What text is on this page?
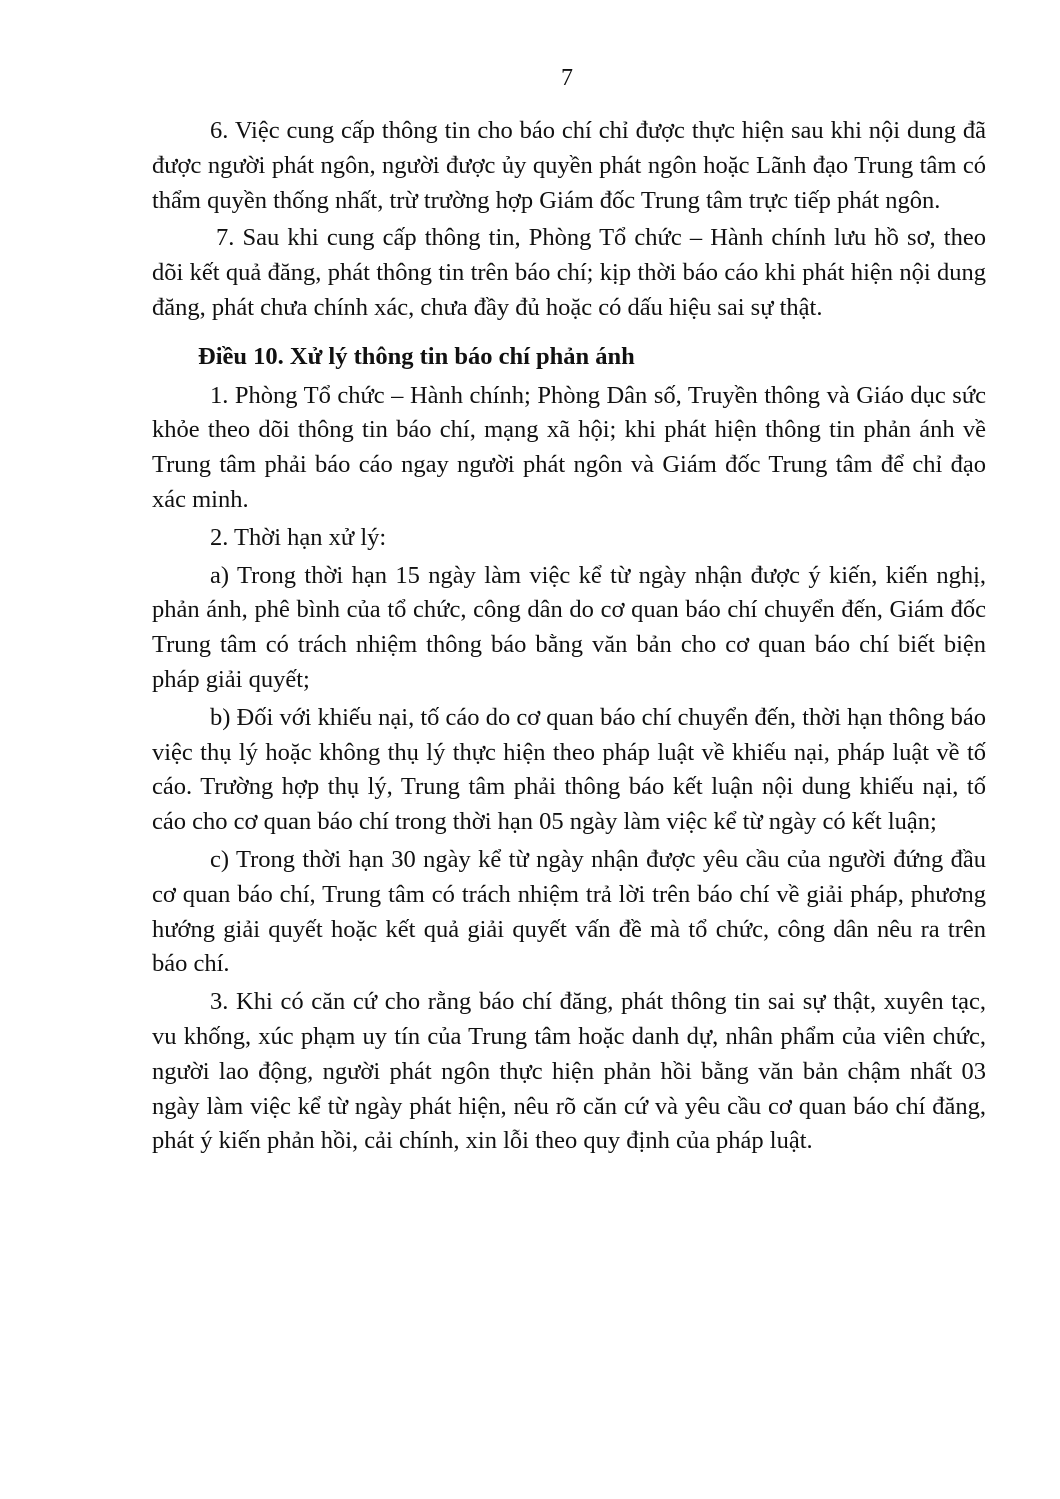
7

6. Việc cung cấp thông tin cho báo chí chỉ được thực hiện sau khi nội dung đã được người phát ngôn, người được ủy quyền phát ngôn hoặc Lãnh đạo Trung tâm có thẩm quyền thống nhất, trừ trường hợp Giám đốc Trung tâm trực tiếp phát ngôn.

7. Sau khi cung cấp thông tin, Phòng Tổ chức – Hành chính lưu hồ sơ, theo dõi kết quả đăng, phát thông tin trên báo chí; kịp thời báo cáo khi phát hiện nội dung đăng, phát chưa chính xác, chưa đầy đủ hoặc có dấu hiệu sai sự thật.

Điều 10. Xử lý thông tin báo chí phản ánh

1. Phòng Tổ chức – Hành chính; Phòng Dân số, Truyền thông và Giáo dục sức khỏe theo dõi thông tin báo chí, mạng xã hội; khi phát hiện thông tin phản ánh về Trung tâm phải báo cáo ngay người phát ngôn và Giám đốc Trung tâm để chỉ đạo xác minh.

2. Thời hạn xử lý:

a) Trong thời hạn 15 ngày làm việc kể từ ngày nhận được ý kiến, kiến nghị, phản ánh, phê bình của tổ chức, công dân do cơ quan báo chí chuyển đến, Giám đốc Trung tâm có trách nhiệm thông báo bằng văn bản cho cơ quan báo chí biết biện pháp giải quyết;

b) Đối với khiếu nại, tố cáo do cơ quan báo chí chuyển đến, thời hạn thông báo việc thụ lý hoặc không thụ lý thực hiện theo pháp luật về khiếu nại, pháp luật về tố cáo. Trường hợp thụ lý, Trung tâm phải thông báo kết luận nội dung khiếu nại, tố cáo cho cơ quan báo chí trong thời hạn 05 ngày làm việc kể từ ngày có kết luận;

c) Trong thời hạn 30 ngày kể từ ngày nhận được yêu cầu của người đứng đầu cơ quan báo chí, Trung tâm có trách nhiệm trả lời trên báo chí về giải pháp, phương hướng giải quyết hoặc kết quả giải quyết vấn đề mà tổ chức, công dân nêu ra trên báo chí.

3. Khi có căn cứ cho rằng báo chí đăng, phát thông tin sai sự thật, xuyên tạc, vu khống, xúc phạm uy tín của Trung tâm hoặc danh dự, nhân phẩm của viên chức, người lao động, người phát ngôn thực hiện phản hồi bằng văn bản chậm nhất 03 ngày làm việc kể từ ngày phát hiện, nêu rõ căn cứ và yêu cầu cơ quan báo chí đăng, phát ý kiến phản hồi, cải chính, xin lỗi theo quy định của pháp luật.
